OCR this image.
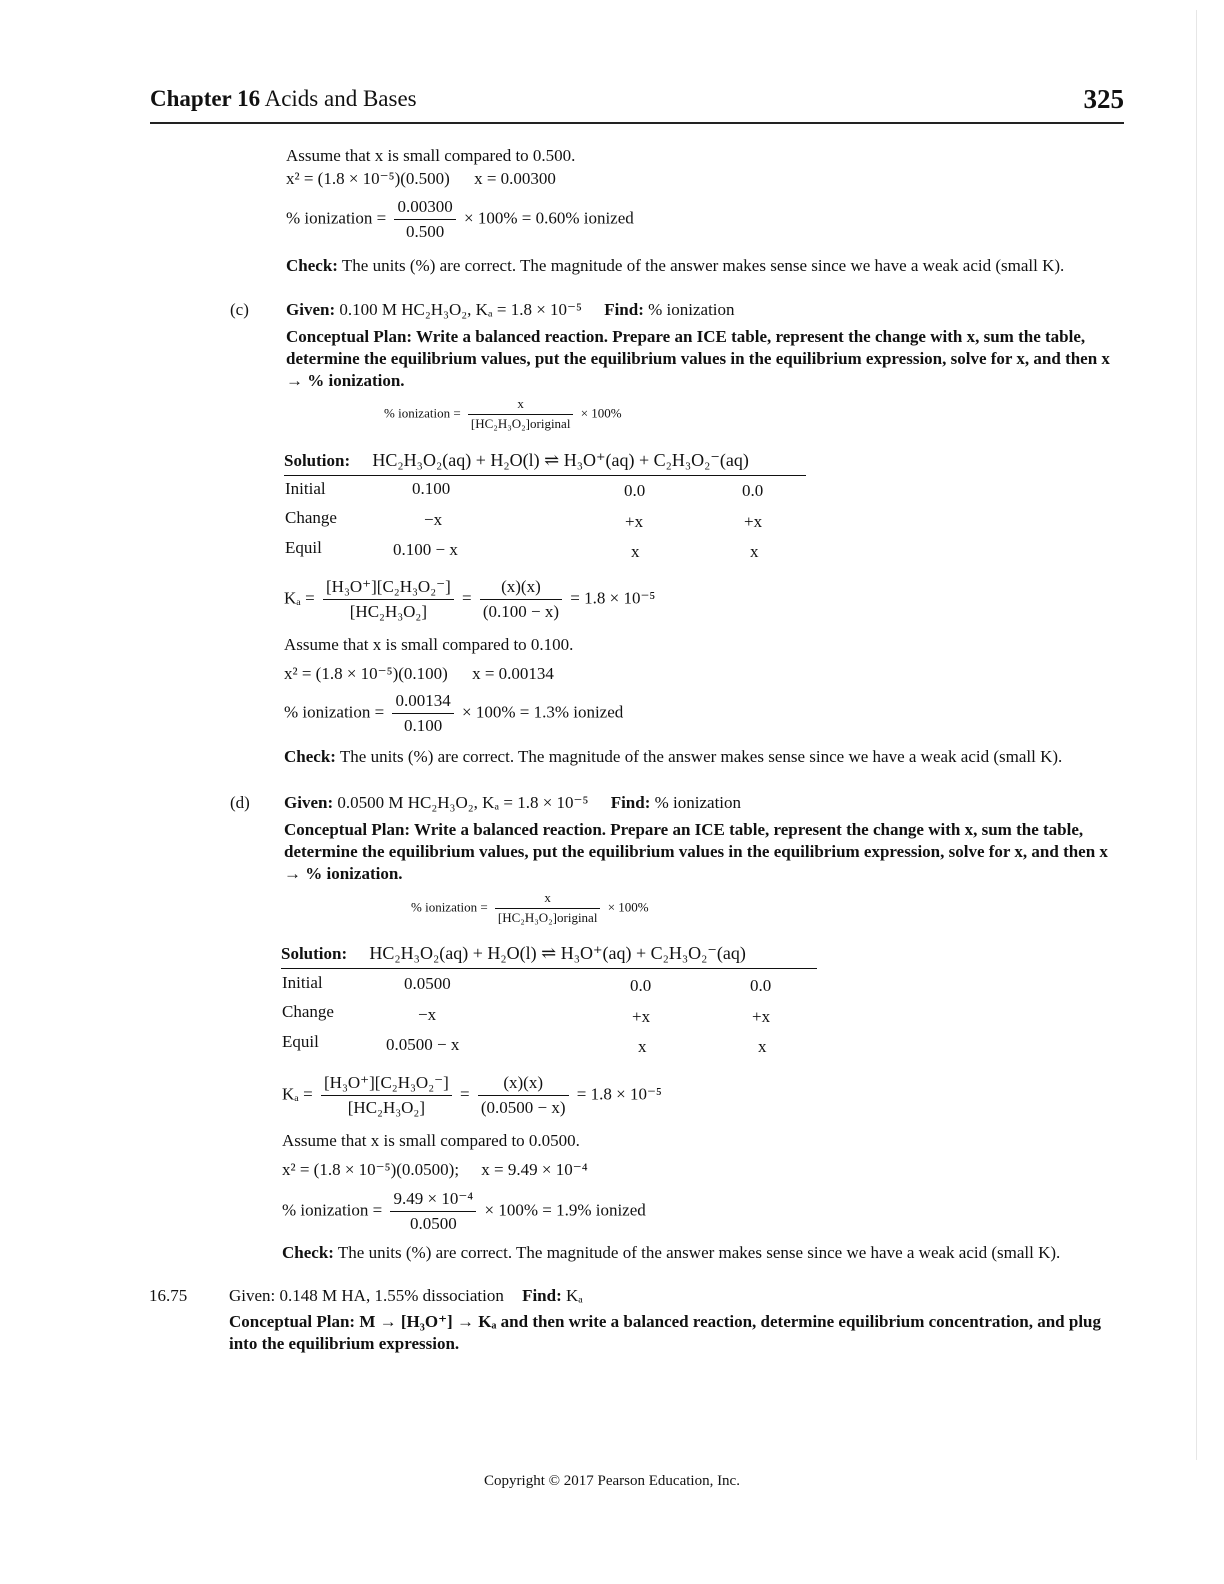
Chapter 16 Acids and Bases	325
Assume that x is small compared to 0.500.
x² = (1.8 × 10⁻⁵)(0.500) x = 0.00300
% ionization = $\frac{0.00300}{0.500} \times 100\% = 0.60\%$ ionized
Check: The units (%) are correct. The magnitude of the answer makes sense since we have a weak acid (small K).
(c) Given: 0.100 M HC₂H₃O₂, Kₐ = 1.8 × 10⁻⁵ Find: % ionization
Conceptual Plan: Write a balanced reaction. Prepare an ICE table, represent the change with x, sum the table, determine the equilibrium values, put the equilibrium values in the equilibrium expression, solve for x, and then x → % ionization.
% ionization = $\frac{x}{\text{[HC₂H₃O₂]original}} \times 100\%$
Solution: HC₂H₃O₂(aq) + H₂O(l) ⇌ H₃O⁺(aq) + C₂H₃O₂⁻(aq)
Initial	0.100	0.0	0.0
Change	−x	+x	+x
Equil	0.100 − x	x	x
$K_a = \frac{\text{[H₃O⁺][C₂H₃O₂⁻]}}{\text{[HC₂H₃O₂]}} = \frac{(x)(x)}{(0.100 - x)} = 1.8 \times 10^{-5}$
Assume that x is small compared to 0.100.
x² = (1.8 × 10⁻⁵)(0.100) x = 0.00134
% ionization = $\frac{0.00134}{0.100} \times 100\% = 1.3\%$ ionized
Check: The units (%) are correct. The magnitude of the answer makes sense since we have a weak acid (small K).
(d) Given: 0.0500 M HC₂H₃O₂, Kₐ = 1.8 × 10⁻⁵ Find: % ionization
Conceptual Plan: Write a balanced reaction. Prepare an ICE table, represent the change with x, sum the table, determine the equilibrium values, put the equilibrium values in the equilibrium expression, solve for x, and then x → % ionization.
% ionization = $\frac{x}{\text{[HC₂H₃O₂]original}} \times 100\%$
Solution: HC₂H₃O₂(aq) + H₂O(l) ⇌ H₃O⁺(aq) + C₂H₃O₂⁻(aq)
Initial	0.0500	0.0	0.0
Change	−x	+x	+x
Equil	0.0500 − x	x	x
$K_a = \frac{\text{[H₃O⁺][C₂H₃O₂⁻]}}{\text{[HC₂H₃O₂]}} = \frac{(x)(x)}{(0.0500 - x)} = 1.8 \times 10^{-5}$
Assume that x is small compared to 0.0500.
x² = (1.8 × 10⁻⁵)(0.0500); x = 9.49 × 10⁻⁴
% ionization = $\frac{\text{9.49 × 10⁻⁴}}{0.0500} \times 100\% = 1.9\%$ ionized
Check: The units (%) are correct. The magnitude of the answer makes sense since we have a weak acid (small K).
16.75 Given: 0.148 M HA, 1.55% dissociation Find: Kₐ
Conceptual Plan: M → [H₃O⁺] → Kₐ and then write a balanced reaction, determine equilibrium concentration, and plug into the equilibrium expression.
Copyright © 2017 Pearson Education, Inc.
